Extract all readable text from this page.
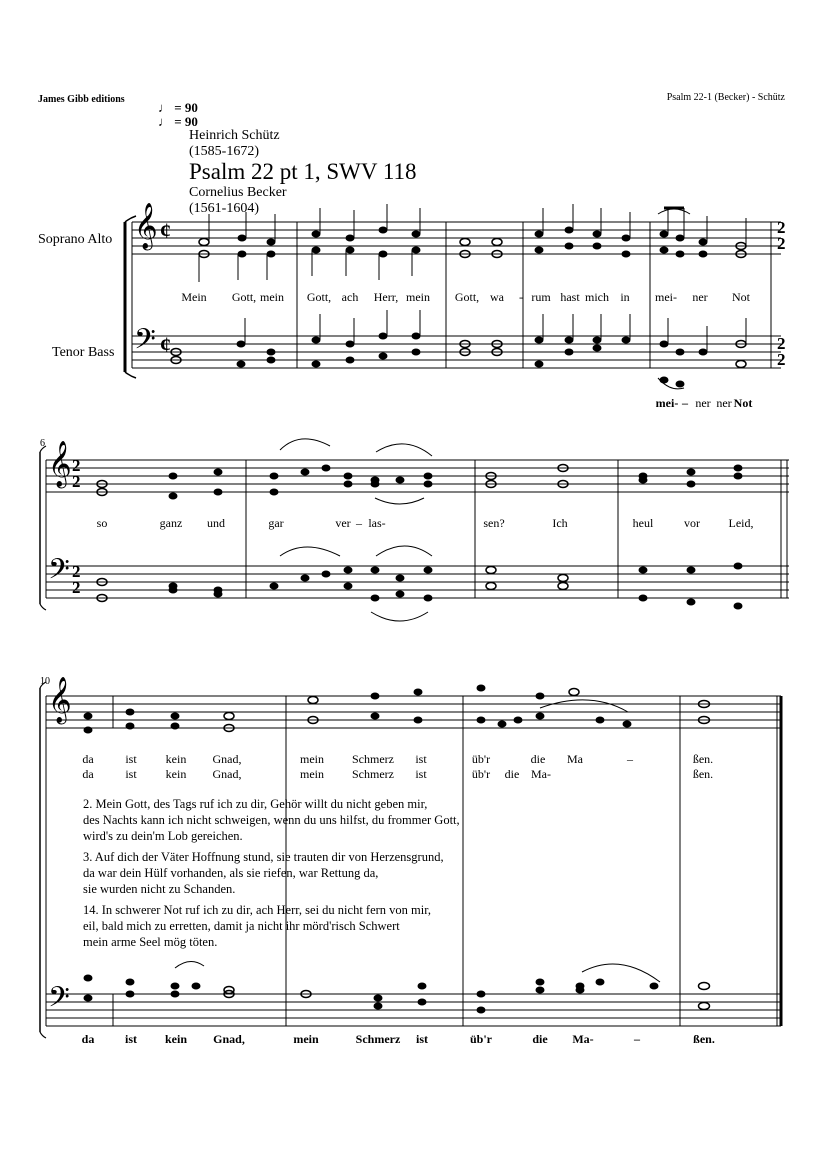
James Gibb editions	Psalm 22-1 (Becker) - Schütz
♩ = 90
♩ = 90
Heinrich Schütz
(1585-1672)
Psalm 22 pt 1, SWV 118
Cornelius Becker
(1561-1604)
Soprano Alto
Tenor Bass
𝄞
𝄢
𝄞
𝄢
𝄞
𝄢
¢
¢
2
2
2
2
2
2
2
2
6
10
Mein Gott, mein Gott, ach Herr, mein Gott, wa - rum hast mich in mei- ner Not
mei- – ner ner Not
so	ganz und	gar	ver – las-	sen?	Ich	heul	vor Leid,
da	ist kein Gnad,	mein Schmerz ist	üb'r	die Ma	–	ßen.
da	ist kein Gnad,	mein Schmerz ist	üb'r die Ma-	ßen.
2. Mein Gott, des Tags ruf ich zu dir, Gehör willt du nicht geben mir,
des Nachts kann ich nicht schweigen, wenn du uns hilfst, du frommer Gott,
wird's zu dein'm Lob gereichen.
3. Auf dich der Väter Hoffnung stund, sie trauten dir von Herzensgrund,
da war dein Hülf vorhanden, als sie riefen, war Rettung da,
sie wurden nicht zu Schanden.
14. In schwerer Not ruf ich zu dir, ach Herr, sei du nicht fern von mir,
eil, bald mich zu erretten, damit ja nicht ihr mörd'risch Schwert
mein arme Seel mög töten.
da	ist kein Gnad,	mein	Schmerz ist	üb'r	die Ma-	–	ßen.
